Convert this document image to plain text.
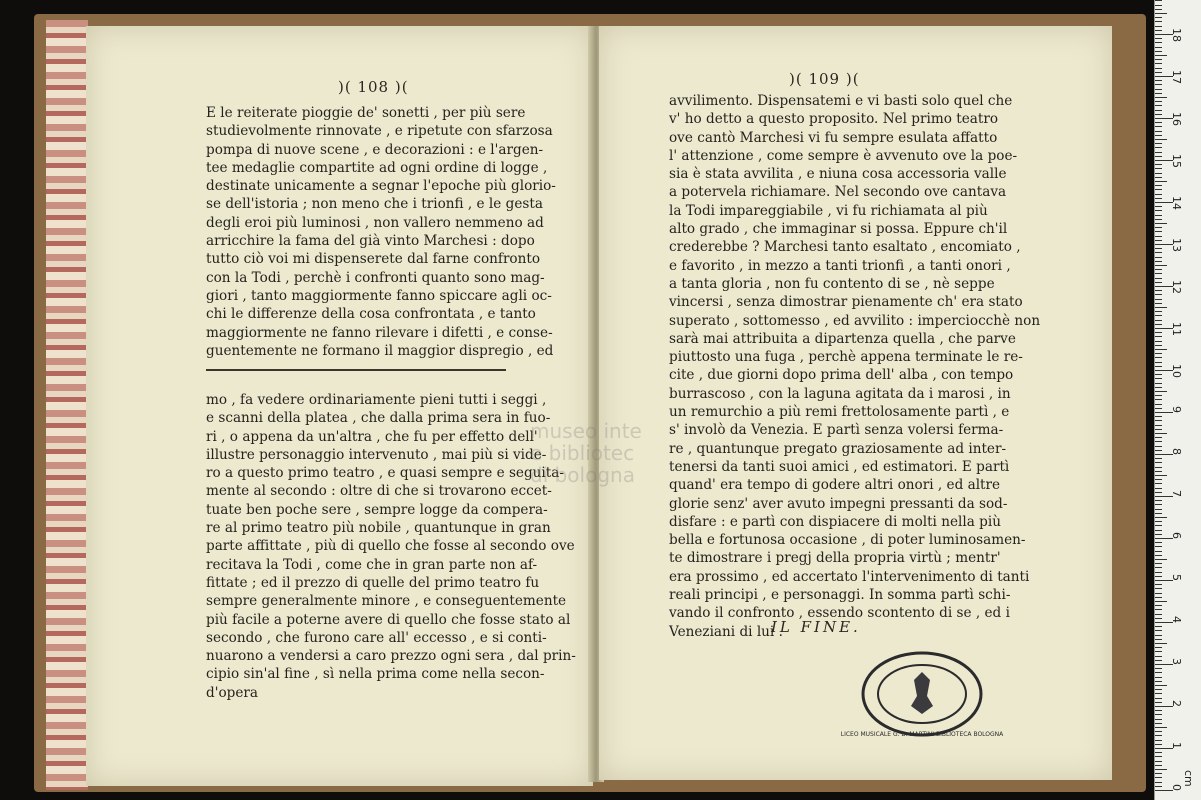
)( 108 )(
E le reiterate pioggie de' sonetti , per più sere
studievolmente rinnovate , e ripetute con sfarzosa
pompa di nuove scene , e decorazioni : e l'argen-
tee medaglie compartite ad ogni ordine di logge ,
destinate unicamente a segnar l'epoche più glorio-
se dell'istoria ; non meno che i trionfi , e le gesta
degli eroi più luminosi , non vallero nemmeno ad
arricchire la fama del già vinto Marchesi : dopo
tutto ciò voi mi dispenserete dal farne confronto
con la Todi , perchè i confronti quanto sono mag-
giori , tanto maggiormente fanno spiccare agli oc-
chi le differenze della cosa confrontata , e tanto
maggiormente ne fanno rilevare i difetti , e conse-
guentemente ne formano il maggior dispregio , ed
mo , fa vedere ordinariamente pieni tutti i seggi ,
e scanni della platea , che dalla prima sera in fuo-
ri , o appena da un'altra , che fu per effetto dell'
illustre personaggio intervenuto , mai più si vide-
ro a questo primo teatro , e quasi sempre e seguita-
mente al secondo : oltre di che si trovarono eccet-
tuate ben poche sere , sempre logge da compera-
re al primo teatro più nobile , quantunque in gran
parte affittate , più di quello che fosse al secondo ove
recitava la Todi , come che in gran parte non af-
fittate ; ed il prezzo di quelle del primo teatro fu
sempre generalmente minore , e conseguentemente
più facile a poterne avere di quello che fosse stato al
secondo , che furono care all' eccesso , e si conti-
nuarono a vendersi a caro prezzo ogni sera , dal prin-
cipio sin'al fine , sì nella prima come nella secon-
d'opera
)( 109 )(
avvilimento. Dispensatemi e vi basti solo quel che
v' ho detto a questo proposito. Nel primo teatro
ove cantò Marchesi vi fu sempre esulata affatto
l' attenzione , come sempre è avvenuto ove la poe-
sia è stata avvilita , e niuna cosa accessoria valle
a potervela richiamare. Nel secondo ove cantava
la Todi impareggiabile , vi fu richiamata al più
alto grado , che immaginar si possa. Eppure ch'il
crederebbe ? Marchesi tanto esaltato , encomiato ,
e favorito , in mezzo a tanti trionfi , a tanti onori ,
a tanta gloria , non fu contento di se , nè seppe
vincersi , senza dimostrar pienamente ch' era stato
superato , sottomesso , ed avvilito : imperciocchè non
sarà mai attribuita a dipartenza quella , che parve
piuttosto una fuga , perchè appena terminate le re-
cite , due giorni dopo prima dell' alba , con tempo
burrascoso , con la laguna agitata da i marosi , in
un remurchio a più remi frettolosamente partì , e
s' involò da Venezia. E partì senza volersi ferma-
re , quantunque pregato graziosamente ad inter-
tenersi da tanti suoi amici , ed estimatori. E partì
quand' era tempo di godere altri onori , ed altre
glorie senz' aver avuto impegni pressanti da sod-
disfare : e partì con dispiacere di molti nella più
bella e fortunosa occasione , di poter luminosamen-
te dimostrare i pregj della propria virtù ; mentr'
era prossimo , ed accertato l'intervenimento di tanti
reali principi , e personaggi. In somma partì schi-
vando il confronto , essendo scontento di se , ed i
Veneziani di lui .
IL FINE.
museo inte
e bibliotec
di bologna
LICEO MUSICALE G. B. MARTINI BIBLIOTECA BOLOGNA
0
1
2
3
4
5
6
7
8
9
10
11
12
13
14
15
16
17
18
cm
